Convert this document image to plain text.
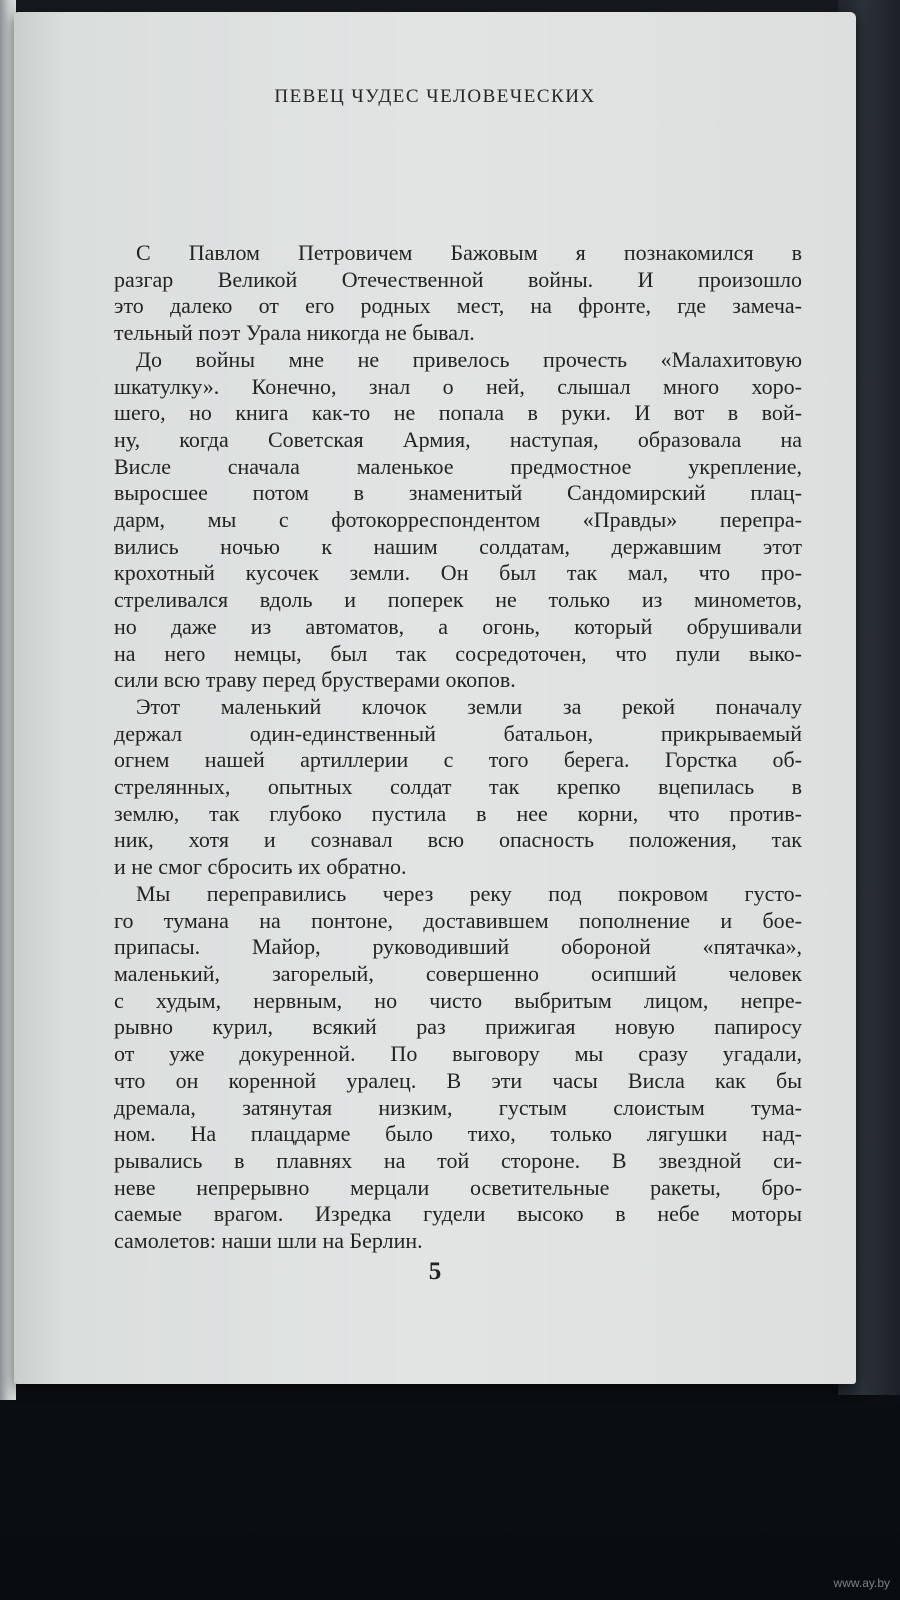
ПЕВЕЦ ЧУДЕС ЧЕЛОВЕЧЕСКИХ
С Павлом Петровичем Бажовым я познакомился в
разгар Великой Отечественной войны. И произошло
это далеко от его родных мест, на фронте, где замеча-
тельный поэт Урала никогда не бывал.
До войны мне не привелось прочесть «Малахитовую
шкатулку». Конечно, знал о ней, слышал много хоро-
шего, но книга как-то не попала в руки. И вот в вой-
ну, когда Советская Армия, наступая, образовала на
Висле сначала маленькое предмостное укрепление,
выросшее потом в знаменитый Сандомирский плац-
дарм, мы с фотокорреспондентом «Правды» перепра-
вились ночью к нашим солдатам, державшим этот
крохотный кусочек земли. Он был так мал, что про-
стреливался вдоль и поперек не только из минометов,
но даже из автоматов, а огонь, который обрушивали
на него немцы, был так сосредоточен, что пули выко-
сили всю траву перед брустверами окопов.
Этот маленький клочок земли за рекой поначалу
держал один-единственный батальон, прикрываемый
огнем нашей артиллерии с того берега. Горстка об-
стрелянных, опытных солдат так крепко вцепилась в
землю, так глубоко пустила в нее корни, что против-
ник, хотя и сознавал всю опасность положения, так
и не смог сбросить их обратно.
Мы переправились через реку под покровом густо-
го тумана на понтоне, доставившем пополнение и бое-
припасы. Майор, руководивший обороной «пятачка»,
маленький, загорелый, совершенно осипший человек
с худым, нервным, но чисто выбритым лицом, непре-
рывно курил, всякий раз прижигая новую папиросу
от уже докуренной. По выговору мы сразу угадали,
что он коренной уралец. В эти часы Висла как бы
дремала, затянутая низким, густым слоистым тума-
ном. На плацдарме было тихо, только лягушки над-
рывались в плавнях на той стороне. В звездной си-
неве непрерывно мерцали осветительные ракеты, бро-
саемые врагом. Изредка гудели высоко в небе моторы
самолетов: наши шли на Берлин.
5
www.ay.by
